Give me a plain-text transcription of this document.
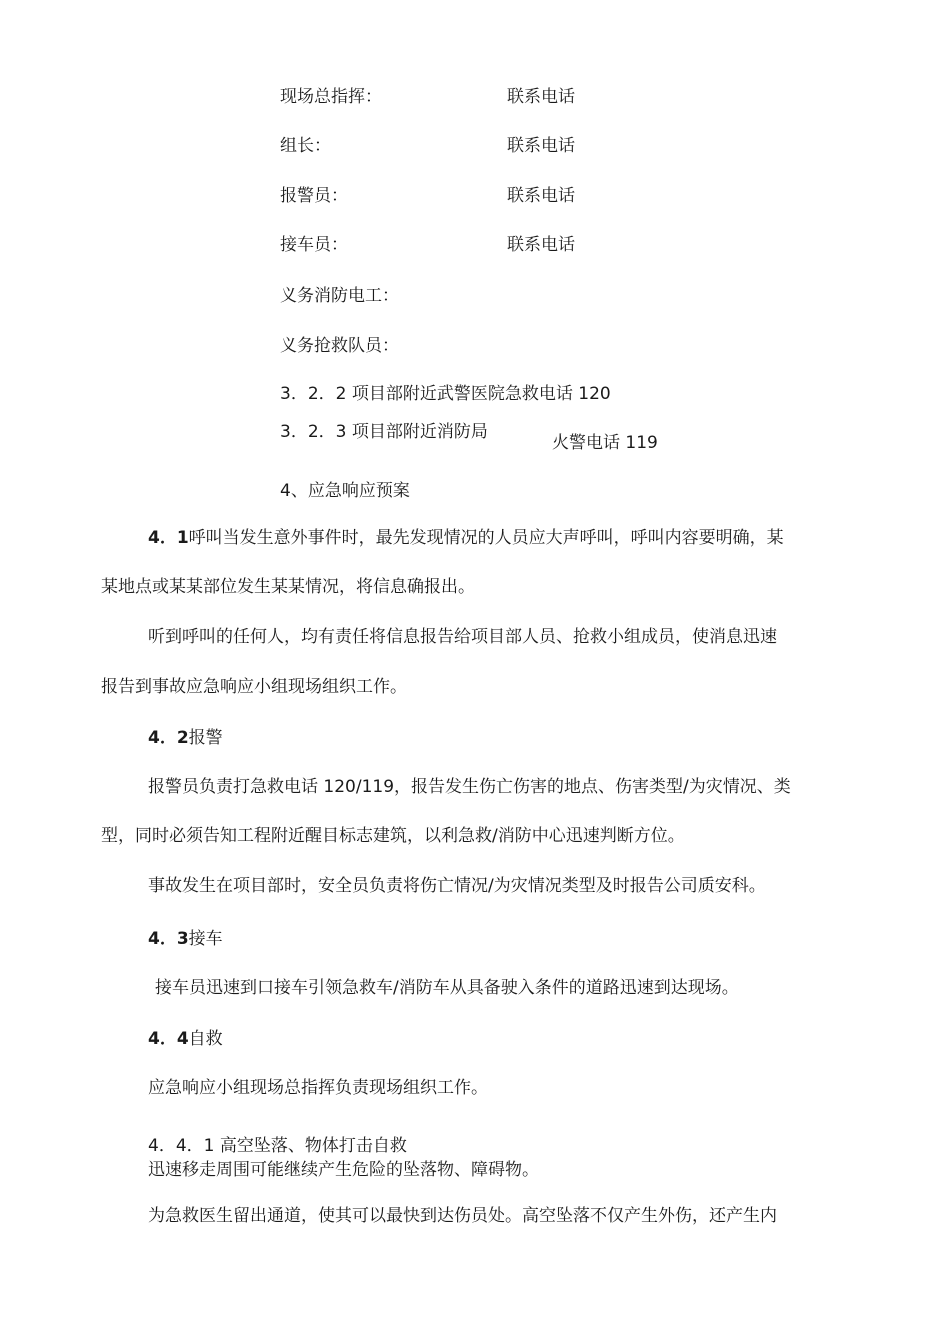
现场总指挥：	联系电话
组长：	联系电话
报警员：	联系电话
接车员：	联系电话
义务消防电工：
义务抢救队员：
3．2．2 项目部附近武警医院急救电话 120
3．2．3 项目部附近消防局
火警电话 119
4、应急响应预案
4．1呼叫当发生意外事件时，最先发现情况的人员应大声呼叫，呼叫内容要明确，某
某地点或某某部位发生某某情况，将信息确报出。
听到呼叫的任何人，均有责任将信息报告给项目部人员、抢救小组成员，使消息迅速
报告到事故应急响应小组现场组织工作。
4．2报警
报警员负责打急救电话 120/119，报告发生伤亡伤害的地点、伤害类型/为灾情况、类
型，同时必须告知工程附近醒目标志建筑，以利急救/消防中心迅速判断方位。
事故发生在项目部时，安全员负责将伤亡情况/为灾情况类型及时报告公司质安科。
4．3接车
接车员迅速到口接车引领急救车/消防车从具备驶入条件的道路迅速到达现场。
4．4自救
应急响应小组现场总指挥负责现场组织工作。
4．4．1 高空坠落、物体打击自救
迅速移走周围可能继续产生危险的坠落物、障碍物。
为急救医生留出通道，使其可以最快到达伤员处。高空坠落不仅产生外伤，还产生内
